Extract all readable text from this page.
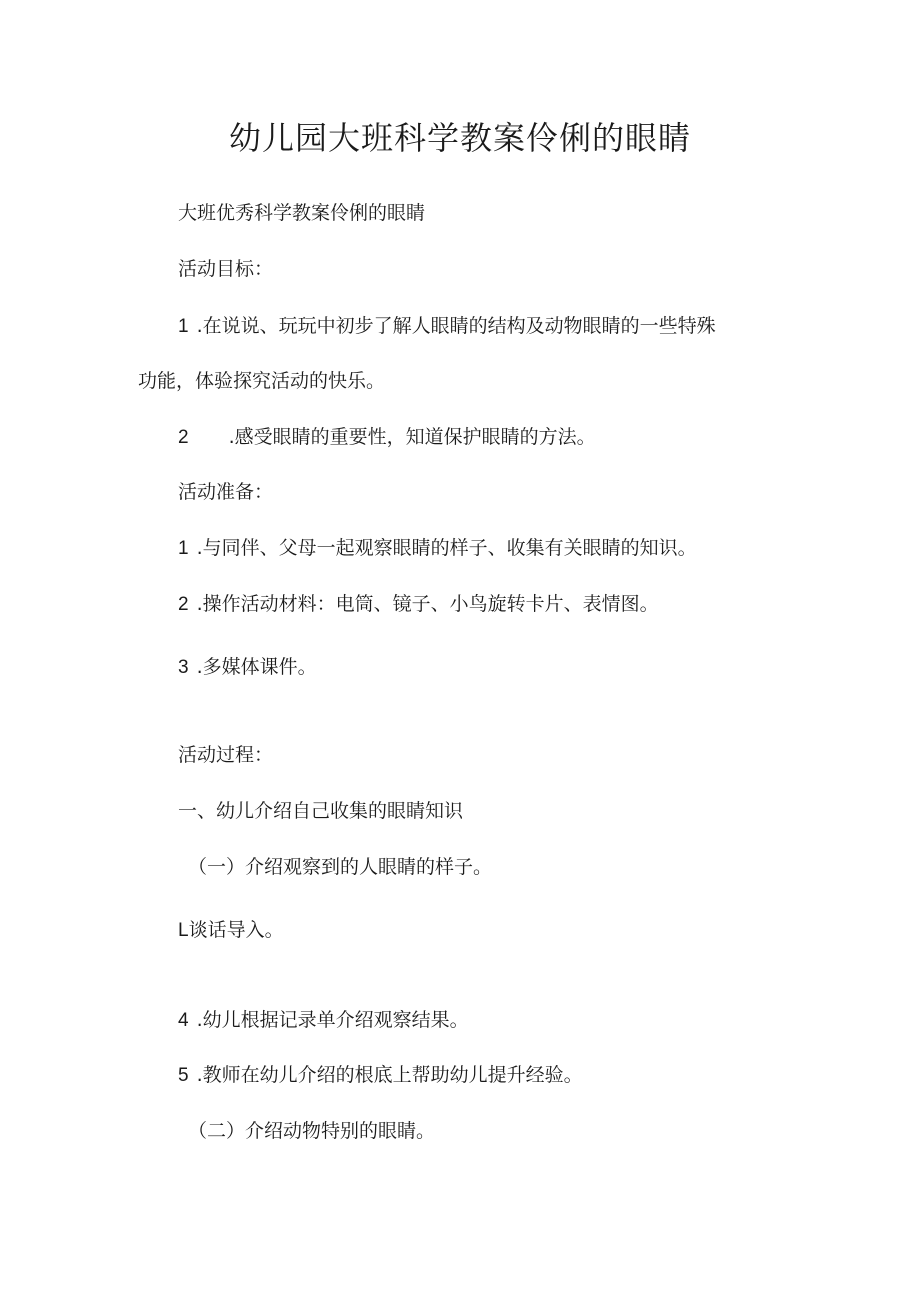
幼儿园大班科学教案伶俐的眼睛
大班优秀科学教案伶俐的眼睛
活动目标：
1 .在说说、玩玩中初步了解人眼睛的结构及动物眼睛的一些特殊
功能，体验探究活动的快乐。
2 .感受眼睛的重要性，知道保护眼睛的方法。
活动准备：
1 .与同伴、父母一起观察眼睛的样子、收集有关眼睛的知识。
2 .操作活动材料：电筒、镜子、小鸟旋转卡片、表情图。
3 .多媒体课件。
活动过程：
一、幼儿介绍自己收集的眼睛知识
（一）介绍观察到的人眼睛的样子。
L谈话导入。
4 .幼儿根据记录单介绍观察结果。
5 .教师在幼儿介绍的根底上帮助幼儿提升经验。
（二）介绍动物特别的眼睛。
